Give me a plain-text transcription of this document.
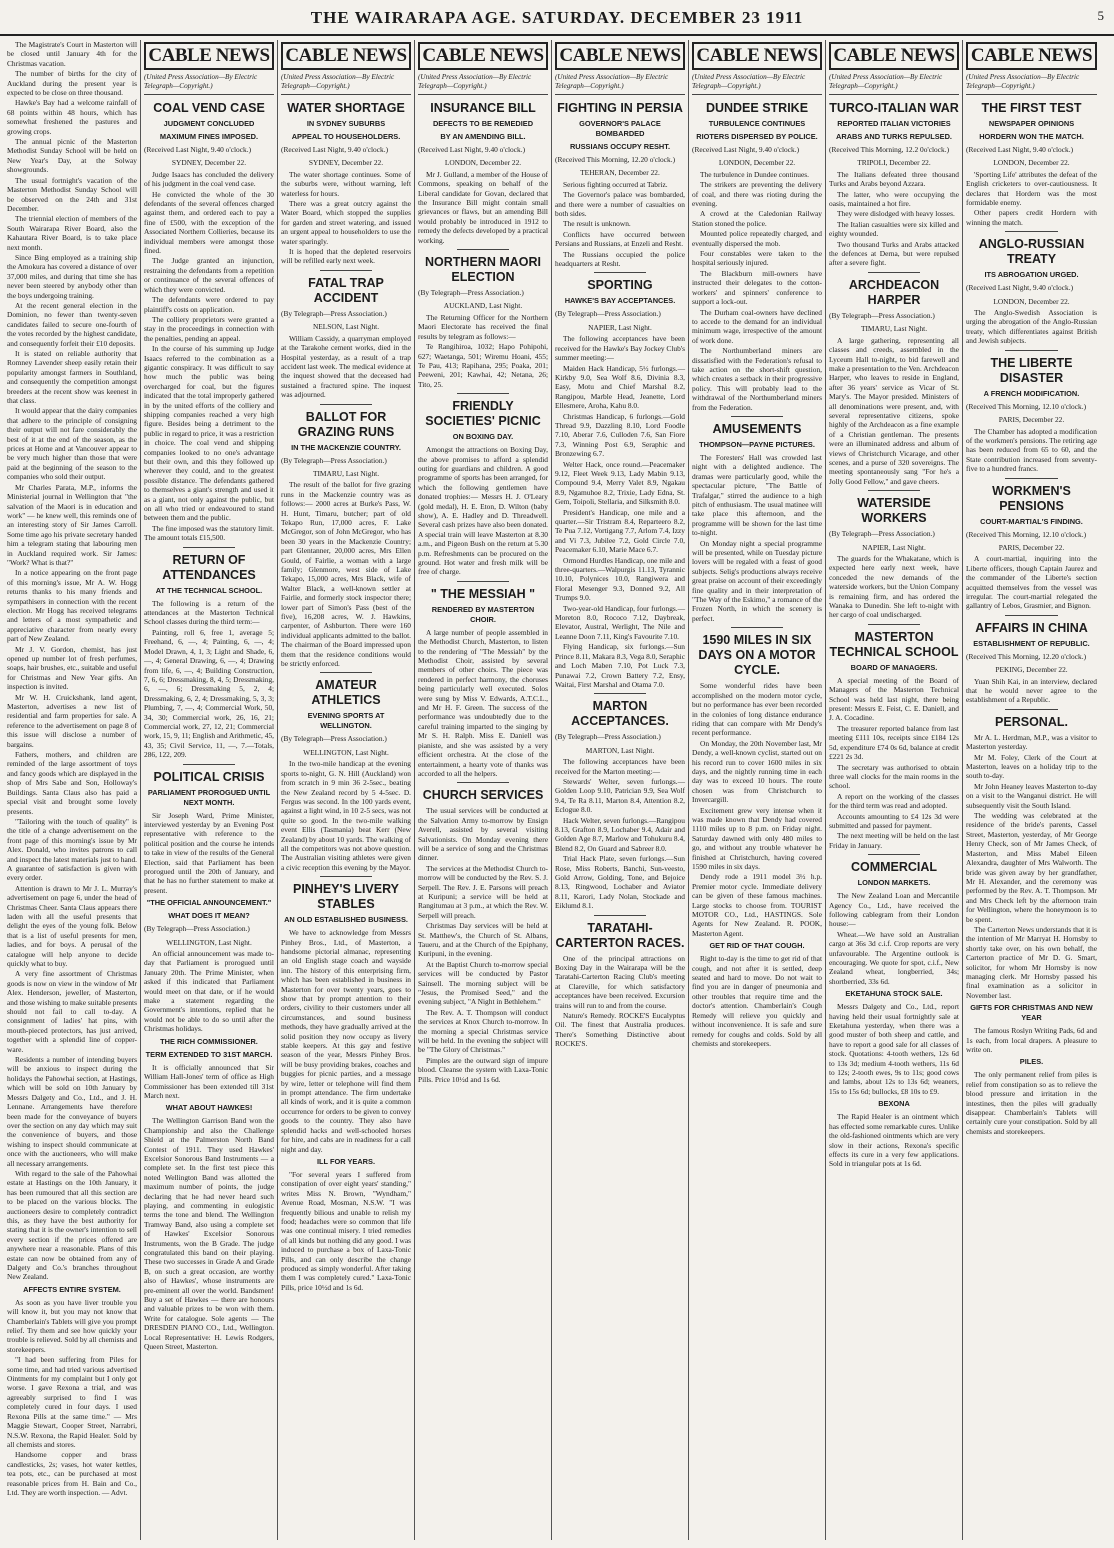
THE WAIRARAPA AGE. SATURDAY. DECEMBER 23 1911	5
The Magistrate's Court in Masterton will be closed until January 4th for the Christmas vacation.
The number of births for the city of Auckland during the present year is expected to be close on three thousand.
Hawke's Bay had a welcome rainfall of 68 points within 48 hours, which has somewhat freshened the pastures and growing crops.
The annual picnic of the Masterton Methodist Sunday School will be held on New Year's Day, at the Solway showgrounds.
The usual fortnight's vacation of the Masterton Methodist Sunday School will be observed on the 24th and 31st December.
The triennial election of members of the South Wairarapa River Board, also the Kahautara River Board, is to take place next month.
Since Bing employed as a training ship the Amokura has covered a distance of over 37,000 miles, and during that time she has never been steered by anybody other than the boys undergoing training.
At the recent general election in the Dominion, no fewer than twenty-seven candidates failed to secure one-fourth of the votes recorded by the highest candidate, and consequently forfeit their £10 deposits.
It is stated on reliable authority that Romney Lavender sheep easily retain their popularity amongst farmers in Southland, and consequently the competition amongst breeders at the recent show was keenest in that class.
It would appear that the dairy companies that adhere to the principle of consigning their output will not fare considerably the best of it at the end of the season, as the prices at Home and at Vancouver appear to be very much higher than those that were paid at the beginning of the season to the companies who sold their output.
Mr Charles Parata, M.P., informs the Ministerial journal in Wellington that "the salvation of the Maori is in education and work" — he knew well, this reminds one of an interesting story of Sir James Carroll. Some time ago his private secretary handed him a telegram stating that labouring men in Auckland required work. Sir James: "Work? What is that?"
In a notice appearing on the front page of this morning's issue, Mr A. W. Hogg returns thanks to his many friends and sympathisers in connection with the recent election. Mr Hogg has received telegrams and letters of a most sympathetic and appreciative character from nearly every part of New Zealand.
Mr J. V. Gordon, chemist, has just opened up number lot of fresh perfumes, soaps, hair brushes, etc., suitable and useful for Christmas and New Year gifts. An inspection is invited.
Mr W. H. Cruickshank, land agent, Masterton, advertises a new list of residential and farm properties for sale. A reference to the advertisement on page 8 of this issue will disclose a number of bargains.
Fathers, mothers, and children are reminded of the large assortment of toys and fancy goods which are displayed in the shop of Mrs Sabe and Son, Holloway's Buildings. Santa Claus also has paid a special visit and brought some lovely presents.
"Tailoring with the touch of quality" is the title of a change advertisement on the front page of this morning's issue by Mr Alex. Donald, who invites patrons to call and inspect the latest materials just to hand. A guarantee of satisfaction is given with every order.
Attention is drawn to Mr J. L. Murray's advertisement on page 6, under the head of Christmas Cheer. Santa Claus appears there laden with all the useful presents that delight the eyes of the young folk. Below that is a list of useful presents for men, ladies, and for boys. A perusal of the catalogue will help anyone to decide quickly what to buy.
A very fine assortment of Christmas goods is now on view in the window of Mr Alex. Henderson, jeweller, of Masterton, and those wishing to make suitable presents should not fail to call to-day. A consignment of ladies' hat pins, with mouth-pieced protectors, has just arrived, together with a splendid line of copper-ware.
Residents a number of intending buyers will be anxious to inspect during the holidays the Pahowhai section, at Hastings, which will be sold on 10th January by Messrs Dalgety and Co., Ltd., and J. H. Lennane. Arrangements have therefore been made for the conveyance of buyers over the section on any day which may suit the convenience of buyers, and those wishing to inspect should communicate at once with the auctioneers, who will make all necessary arrangements.
With regard to the sale of the Pahowhai estate at Hastings on the 10th January, it has been rumoured that all this section are to be placed on the various blocks. The auctioneers desire to completely contradict this, as they have the best authority for stating that it is the owner's intention to sell every section if the prices offered are anywhere near a reasonable. Plans of this estate can now be obtained from any of Dalgety and Co.'s branches throughout New Zealand.
AFFECTS ENTIRE SYSTEM.
As soon as you have liver trouble you will know it, but you may not know that Chamberlain's Tablets will give you prompt relief. Try them and see how quickly your trouble is relieved. Sold by all chemists and storekeepers.
"I had been suffering from Piles for some time, and had tried various advertised Ointments for my complaint but I only got worse. I gave Rexona a trial, and was agreeably surprised to find I was completely cured in four days. I used Rexona Pills at the same time." — Mrs Maggie Stewart, Cooper Street, Narrabri, N.S.W. Rexona, the Rapid Healer. Sold by all chemists and stores.
Handsome copper and brass candlesticks, 2s; vases, hot water kettles, tea pots, etc., can be purchased at most reasonable prices from H. Bain and Co., Ltd. They are worth inspection. — Advt.
CABLE NEWS
(United Press Association—By Electric Telegraph—Copyright.)
COAL VEND CASE
JUDGMENT CONCLUDED
MAXIMUM FINES IMPOSED.
(Received Last Night, 9.40 o'clock.)
SYDNEY, December 22.
Judge Isaacs has concluded the delivery of his judgment in the coal vend case.
He convicted the whole of the 30 defendants of the several offences charged against them, and ordered each to pay a fine of £500, with the exception of the Associated Northern Collieries, because its individual members were amongst those fined.
The Judge granted an injunction, restraining the defendants from a repetition or continuance of the several offences of which they were convicted.
The defendants were ordered to pay plaintiff's costs on application.
The colliery proprietors were granted a stay in the proceedings in connection with the penalties, pending an appeal.
In the course of his summing up Judge Isaacs referred to the combination as a gigantic conspiracy. It was difficult to say how much the public was being overcharged for coal, but the figures indicated that the total improperly gathered in by the united efforts of the colliery and shipping companies reached a very high figure. Besides being a detriment to the public in regard to price, it was a restriction in choice. The coal vend and shipping companies looked to no one's advantage but their own, and this they followed up wherever they could, and to the greatest possible distance. The defendants gathered to themselves a giant's strength and used it as a giant, not only against the public, but on all who tried or endeavoured to stand between them and the public.
The fine imposed was the statutory limit. The amount totals £15,500.
RETURN OF ATTENDANCES
AT THE TECHNICAL SCHOOL.
The following is a return of the attendances at the Masterton Technical School classes during the third term:—
Painting, roll 6, free 1, average 5; Freehand, 6, —, 4; Painting, 6, —, 4; Model Drawn, 4, 1, 3; Light and Shade, 6, —, 4; General Drawing, 6, —, 4; Drawing from life, 6, —, 4; Building Construction, 7, 6, 6; Dressmaking, 8, 4, 5; Dressmaking, 6, —, 6; Dressmaking 5, 2, 4; Dressmaking, 6, 2, 4; Dressmaking, 5, 3, 3; Plumbing, 7, —, 4; Commercial Work, 50, 34, 30; Commercial work, 26, 16, 21; Commercial work, 27, 12, 21; Commercial work, 15, 9, 11; English and Arithmetic, 45, 43, 35; Civil Service, 11, —, 7.—Totals, 286, 122, 209.
POLITICAL CRISIS
PARLIAMENT PROROGUED UNTIL NEXT MONTH.
Sir Joseph Ward, Prime Minister, interviewed yesterday by an Evening Post representative with reference to the political position and the course he intends to take in view of the results of the General Election, said that Parliament has been prorogued until the 20th of January, and that he has no further statement to make at present.
"THE OFFICIAL ANNOUNCEMENT."
WHAT DOES IT MEAN?
(By Telegraph—Press Association.)
WELLINGTON, Last Night.
An official announcement was made to-day that Parliament is prorogued until January 20th. The Prime Minister, when asked if this indicated that Parliament would meet on that date, or if he would make a statement regarding the Government's intentions, replied that he would not be able to do so until after the Christmas holidays.
THE RICH COMMISSIONER.
TERM EXTENDED TO 31ST MARCH.
It is officially announced that Sir William Hall-Jones' term of office as High Commissioner has been extended till 31st March next.
WHAT ABOUT HAWKES!
The Wellington Garrison Band won the Championship and also the Challenge Shield at the Palmerston North Band Contest of 1911. They used Hawkes' Excelsior Sonorous Band Instruments — a complete set. In the first test piece this noted Wellington Band was allotted the maximum number of points, the judge declaring that he had never heard such playing, and commenting in eulogistic terms the tone and blend. The Wellington Tramway Band, also using a complete set of Hawkes' Excelsior Sonorous Instruments, won the B Grade. The judge congratulated this band on their playing. These two successes in Grade A and Grade B, on such a great occasion, are worthy also of Hawkes', whose instruments are pre-eminent all over the world. Bandsmen! Buy a set of Hawkes — there are honours and valuable prizes to be won with them. Write for catalogue. Sole agents — The DRESDEN PIANO CO., Ltd., Wellington. Local Representative: H. Lewis Rodgers, Queen Street, Masterton.
CABLE NEWS
(United Press Association—By Electric Telegraph—Copyright.)
WATER SHORTAGE
IN SYDNEY SUBURBS
APPEAL TO HOUSEHOLDERS.
(Received Last Night, 9.40 o'clock.)
SYDNEY, December 22.
The water shortage continues. Some of the suburbs were, without warning, left waterless for hours.
There was a great outcry against the Water Board, which stopped the supplies for garden and street watering, and issued an urgent appeal to householders to use the water sparingly.
It is hoped that the depleted reservoirs will be refilled early next week.
FATAL TRAP ACCIDENT
(By Telegraph—Press Association.)
NELSON, Last Night.
William Cassidy, a quarryman employed at the Tarakohe cement works, died in the Hospital yesterday, as a result of a trap accident last week. The medical evidence at the inquest showed that the deceased had sustained a fractured spine. The inquest was adjourned.
BALLOT FOR GRAZING RUNS
IN THE MACKENZIE COUNTRY.
(By Telegraph—Press Association.)
TIMARU, Last Night.
The result of the ballot for five grazing runs in the Mackenzie country was as follows:— 2000 acres at Burke's Pass, W. H. Hunt, Timaru, butcher; part of old Tekapo Run, 17,000 acres, F. Lake McGregor, son of John McGregor, who has been 30 years in the Mackenzie Country; part Glentanner, 20,000 acres, Mrs Ellen Gould, of Fairlie, a woman with a large family; Glenmore, west side of Lake Tekapo, 15,000 acres, Mrs Black, wife of Walter Black, a well-known settler at Fairlie, and formerly stock inspector there; lower part of Simon's Pass (best of the five), 16,208 acres, W. J. Hawkins, carpenter, of Ashburton. There were 160 individual applicants admitted to the ballot. The chairman of the Board impressed upon them that the residence conditions would be strictly enforced.
AMATEUR ATHLETICS
EVENING SPORTS AT WELLINGTON.
(By Telegraph—Press Association.)
WELLINGTON, Last Night.
In the two-mile handicap at the evening sports to-night, G. N. Hill (Auckland) won from scratch in 9 min 36 2-5sec., beating the New Zealand record by 5 4-5sec. D. Fergus was second. In the 100 yards event, against a light wind, in 10 2-5 secs, was not quite so good. In the two-mile walking event Ellis (Tasmania) beat Kerr (New Zealand) by about 10 yards. The walking of all the competitors was not above question. The Australian visiting athletes were given a civic reception this evening by the Mayor.
PINHEY'S LIVERY STABLES
AN OLD ESTABLISHED BUSINESS.
We have to acknowledge from Messrs Pinhey Bros., Ltd., of Masterton, a handsome pictorial almanac, representing an old English stage coach and wayside inn. The history of this enterprising firm, which has been established in business in Masterton for over twenty years, goes to show that by prompt attention to their orders, civility to their customers under all circumstances, and sound business methods, they have gradually arrived at the solid position they now occupy as livery stable keepers. At this gay and festive season of the year, Messrs Pinhey Bros. will be busy providing brakes, coaches and buggies for picnic parties, and a message by wire, letter or telephone will find them in prompt attendance. The firm undertake all kinds of work, and it is quite a common occurrence for orders to be given to convey goods to the country. They also have splendid hacks and well-schooled horses for hire, and cabs are in readiness for a call night and day.
ILL FOR YEARS.
"For several years I suffered from constipation of over eight years' standing," writes Miss N. Brown, "Wyndham," Avenue Road, Mosman, N.S.W. "I was frequently bilious and unable to relish my food; headaches were so common that life was one continual misery. I tried remedies of all kinds but nothing did any good. I was induced to purchase a box of Laxa-Tonic Pills, and can only describe the change produced as simply wonderful. After taking them I was completely cured." Laxa-Tonic Pills, price 10½d and 1s 6d.
CABLE NEWS
(United Press Association—By Electric Telegraph—Copyright.)
INSURANCE BILL
DEFECTS TO BE REMEDIED
BY AN AMENDING BILL.
(Received Last Night, 9.40 o'clock.)
LONDON, December 22.
Mr J. Gulland, a member of the House of Commons, speaking on behalf of the Liberal candidate for Govan, declared that the Insurance Bill might contain small grievances or flaws, but an amending Bill would probably be introduced in 1912 to remedy the defects developed by a practical working.
NORTHERN MAORI ELECTION
(By Telegraph—Press Association.)
AUCKLAND, Last Night.
The Returning Officer for the Northern Maori Electorate has received the final results by telegram as follows:—
Te Rangihiroa, 1032; Hapo Pohipohi, 627; Waetanga, 501; Wiremu Hoani, 455; Te Pau, 413; Rapihana, 295; Poaka, 201; Peeweni, 201; Kawhai, 42; Netana, 26; Tito, 25.
FRIENDLY SOCIETIES' PICNIC
ON BOXING DAY.
Amongst the attractions on Boxing Day, the above promises to afford a splendid outing for guardians and children. A good programme of sports has been arranged, for which the following gentlemen have donated trophies:— Messrs H. J. O'Leary (gold medal), H. E. Eton, D. Wilton (baby show), A. E. Hadley and D. Threadwell. Several cash prizes have also been donated. A special train will leave Masterton at 8.30 a.m., and Pigeon Bush on the return at 5.30 p.m. Refreshments can be procured on the ground. Hot water and fresh milk will be free of charge.
" THE MESSIAH "
RENDERED BY MASTERTON CHOIR.
A large number of people assembled in the Methodist Church, Masterton, to listen to the rendering of "The Messiah" by the Methodist Choir, assisted by several members of other choirs. The piece was rendered in perfect harmony, the choruses being particularly well executed. Solos were sung by Miss V. Edwards, A.T.C.L., and Mr H. F. Green. The success of the performance was undoubtedly due to the careful training imparted to the singing by Mr S. H. Ralph. Miss E. Daniell was pianiste, and she was assisted by a very efficient orchestra. At the close of the entertainment, a hearty vote of thanks was accorded to all the helpers.
CHURCH SERVICES
The usual services will be conducted at the Salvation Army to-morrow by Ensign Averell, assisted by several visiting Salvationists. On Monday evening there will be a service of song and the Christmas dinner.
The services at the Methodist Church to-morrow will be conducted by the Rev. S. J. Serpell. The Rev. J. E. Parsons will preach at Kuripuni; a service will be held at Rangitumau at 3 p.m., at which the Rev. W. Serpell will preach.
Christmas Day services will be held at St. Matthew's, the Church of St. Albans, Taueru, and at the Church of the Epiphany, Kuripuni, in the evening.
At the Baptist Church to-morrow special services will be conducted by Pastor Sainsell. The morning subject will be "Jesus, the Promised Seed," and the evening subject, "A Night in Bethlehem."
The Rev. A. T. Thompson will conduct the services at Knox Church to-morrow. In the morning a special Christmas service will be held. In the evening the subject will be "The Glory of Christmas."
Pimples are the outward sign of impure blood. Cleanse the system with Laxa-Tonic Pills. Price 10½d and 1s 6d.
CABLE NEWS
(United Press Association—By Electric Telegraph—Copyright.)
FIGHTING IN PERSIA
GOVERNOR'S PALACE BOMBARDED
RUSSIANS OCCUPY RESHT.
(Received This Morning, 12.20 o'clock.)
TEHERAN, December 22.
Serious fighting occurred at Tabriz.
The Governor's palace was bombarded, and there were a number of casualties on both sides.
The result is unknown.
Conflicts have occurred between Persians and Russians, at Enzeli and Resht.
The Russians occupied the police headquarters at Resht.
SPORTING
HAWKE'S BAY ACCEPTANCES.
(By Telegraph—Press Association.)
NAPIER, Last Night.
The following acceptances have been received for the Hawke's Bay Jockey Club's summer meeting:—
Maiden Hack Handicap, 5½ furlongs.—Kirkby 9.0, Sea Wolf 8.6, Divinia 8.3, Easy, Motu and Chief Marshal 8.2, Rangipou, Marble Head, Jeanette, Lord Ellesmere, Aroha, Kahu 8.0.
Christmas Handicap, 6 furlongs.—Gold Thread 9.9, Dazzling 8.10, Lord Foodle 7.10, Aberar 7.6, Culloden 7.6, San Fiore 7.3, Winning Post 6.9, Seraphic and Bronzewing 6.7.
Welter Hack, once round.—Peacemaker 9.12, Fleet Week 9.13, Lady Mabin 9.13, Compound 9.4, Merry Valet 8.9, Ngakau 8.9, Ngamuhoe 8.2, Trixie, Lady Edna, St. Gem, Toipoli, Stellaria, and Silksmith 8.0.
President's Handicap, one mile and a quarter.—Sir Tristram 8.4, Reparteero 8.2, Te Pua 7.12, Vortigang 7.7, Arlom 7.4, Izzy and Vi 7.3, Jubilee 7.2, Gold Circle 7.0, Peacemaker 6.10, Marie Mace 6.7.
Ormond Hurdles Handicap, one mile and three-quarters.—Walpurgis 11.13, Tyrannic 10.10, Polynices 10.0, Rangiwera and Floral Mesenger 9.3, Donned 9.2, All Trumps 9.0.
Two-year-old Handicap, four furlongs.—Moreton 8.0, Rococo 7.12, Daybreak, Elevator, Austral, Werlight, The Nile and Leanne Doon 7.11, King's Favourite 7.10.
Flying Handicap, six furlongs.—Sun Prince 8.11, Makara 8.3, Vega 8.0, Seraphic and Loch Maben 7.10, Pot Luck 7.3, Punawai 7.2, Crown Battery 7.2, Ensy, Waitai, First Marshal and Otama 7.0.
MARTON ACCEPTANCES.
(By Telegraph—Press Association.)
MARTON, Last Night.
The following acceptances have been received for the Marton meeting:—
Stewards' Welter, seven furlongs.—Golden Loop 9.10, Patrician 9.9, Sea Wolf 9.4, Te Ra 8.11, Marton 8.4, Attention 8.2, Eclogue 8.0.
Hack Welter, seven furlongs.—Rangipou 8.13, Grafton 8.9, Lochaber 9.4, Adair and Golden Age 8.7, Marlow and Tohukuru 8.4, Blend 8.2, On Guard and Sabreer 8.0.
Trial Hack Plate, seven furlongs.—Sun Rose, Miss Roberts, Banchi, Sun-veesto, Gold Arrow, Golding, Tone, and Bejoice 8.13, Ringwood, Lochaber and Aviator 8.11, Karori, Lady Nolan, Stockade and Eiklumd 8.1.
TARATAHI-CARTERTON RACES.
One of the principal attractions on Boxing Day in the Wairarapa will be the Taratahi-Carterton Racing Club's meeting at Clareville, for which satisfactory acceptances have been received. Excursion trains will run to and from the course.
Nature's Remedy. ROCKE'S Eucalyptus Oil. The finest that Australia produces. There's Something Distinctive about ROCKE'S.
CABLE NEWS
(United Press Association—By Electric Telegraph—Copyright.)
DUNDEE STRIKE
TURBULENCE CONTINUES
RIOTERS DISPERSED BY POLICE.
(Received Last Night, 9.40 o'clock.)
LONDON, December 22.
The turbulence in Dundee continues.
The strikers are preventing the delivery of coal, and there was rioting during the evening.
A crowd at the Caledonian Railway Station stoned the police.
Mounted police repeatedly charged, and eventually dispersed the mob.
Four constables were taken to the hospital seriously injured.
The Blackburn mill-owners have instructed their delegates to the cotton-workers' and spinners' conference to support a lock-out.
The Durham coal-owners have declined to accede to the demand for an individual minimum wage, irrespective of the amount of work done.
The Northumberland miners are dissatisfied with the Federation's refusal to take action on the short-shift question, which creates a setback in their progressive policy. This will probably lead to the withdrawal of the Northumberland miners from the Federation.
AMUSEMENTS
THOMPSON—PAYNE PICTURES.
The Foresters' Hall was crowded last night with a delighted audience. The dramas were particularly good, while the spectacular picture, "The Battle of Trafalgar," stirred the audience to a high pitch of enthusiasm. The usual matinee will take place this afternoon, and the programme will be shown for the last time to-night.
On Monday night a special programme will be presented, while on Tuesday picture lovers will be regaled with a feast of good subjects. Selig's productions always receive great praise on account of their exceedingly fine quality and in their interpretation of "The Way of the Eskimo," a romance of the Frozen North, in which the scenery is perfect.
1590 MILES IN SIX DAYS ON A MOTOR CYCLE.
Some wonderful rides have been accomplished on the modern motor cycle, but no performance has ever been recorded in the colonies of long distance endurance riding that can compare with Mr Dendy's recent performance.
On Monday, the 20th November last, Mr Dendy, a well-known cyclist, started out on his record run to cover 1600 miles in six days, and the nightly running time in each day was to exceed 10 hours. The route chosen was from Christchurch to Invercargill.
Excitement grew very intense when it was made known that Dendy had covered 1110 miles up to 8 p.m. on Friday night. Saturday dawned with only 480 miles to go, and without any trouble whatever he finished at Christchurch, having covered 1590 miles in six days.
Dendy rode a 1911 model 3½ h.p. Premier motor cycle. Immediate delivery can be given of these famous machines. Large stocks to choose from. TOURIST MOTOR CO., Ltd., HASTINGS. Sole Agents for New Zealand. R. POOK, Masterton Agent.
GET RID OF THAT COUGH.
Right to-day is the time to get rid of that cough, and not after it is settled, deep seated and hard to move. Do not wait to find you are in danger of pneumonia and other troubles that require time and the doctor's attention. Chamberlain's Cough Remedy will relieve you quickly and without inconvenience. It is safe and sure remedy for coughs and colds. Sold by all chemists and storekeepers.
CABLE NEWS
(United Press Association—By Electric Telegraph—Copyright.)
TURCO-ITALIAN WAR
REPORTED ITALIAN VICTORIES
ARABS AND TURKS REPULSED.
(Received This Morning, 12.2 0o'clock.)
TRIPOLI, December 22.
The Italians defeated three thousand Turks and Arabs beyond Azzara.
The latter, who were occupying the oasis, maintained a hot fire.
They were dislodged with heavy losses.
The Italian casualties were six killed and eighty wounded.
Two thousand Turks and Arabs attacked the defences at Derna, but were repulsed after a severe fight.
ARCHDEACON HARPER
(By Telegraph—Press Association.)
TIMARU, Last Night.
A large gathering, representing all classes and creeds, assembled in the Lyceum Hall to-night, to bid farewell and make a presentation to the Ven. Archdeacon Harper, who leaves to reside in England, after 36 years' service as Vicar of St. Mary's. The Mayor presided. Ministers of all denominations were present, and, with several representative citizens, spoke highly of the Archdeacon as a fine example of a Christian gentleman. The presents were an illuminated address and album of views of Christchurch Vicarage, and other scenes, and a purse of 320 sovereigns. The meeting spontaneously sang "For he's a Jolly Good Fellow," and gave cheers.
WATERSIDE WORKERS
(By Telegraph—Press Association.)
NAPIER, Last Night.
The guards for the Whakatane, which is expected here early next week, have conceded the new demands of the waterside workers, but the Union Company is remaining firm, and has ordered the Wanaka to Dunedin. She left to-night with her cargo of coal undischarged.
MASTERTON TECHNICAL SCHOOL
BOARD OF MANAGERS.
A special meeting of the Board of Managers of the Masterton Technical School was held last night, there being present: Messrs E. Feist, C. E. Daniell, and J. A. Cocadine.
The treasurer reported balance from last meeting £111 10s, receipts since £184 12s 5d, expenditure £74 0s 6d, balance at credit £221 2s 3d.
The secretary was authorised to obtain three wall clocks for the main rooms in the school.
A report on the working of the classes for the third term was read and adopted.
Accounts amounting to £4 12s 3d were submitted and passed for payment.
The next meeting will be held on the last Friday in January.
COMMERCIAL
LONDON MARKETS.
The New Zealand Loan and Mercantile Agency Co., Ltd., have received the following cablegram from their London house:—
Wheat.—We have sold an Australian cargo at 36s 3d c.i.f. Crop reports are very unfavourable. The Argentine outlook is encouraging. We quote for spot, c.i.f., New Zealand wheat, longberried, 34s; shortberried, 33s 6d.
EKETAHUNA STOCK SALE.
Messrs Dalgety and Co., Ltd., report having held their usual fortnightly sale at Eketahuna yesterday, when there was a good muster of both sheep and cattle, and have to report a good sale for all classes of stock. Quotations: 4-tooth wethers, 12s 6d to 13s 3d; medium 4-tooth wethers, 11s 6d to 12s; 2-tooth ewes, 9s to 11s; good cows and lambs, about 12s to 13s 6d; weaners, 15s to 15s 6d; bullocks, £8 10s to £9.
BEXONA
The Rapid Healer is an ointment which has effected some remarkable cures. Unlike the old-fashioned ointments which are very slow in their actions, Rexona's specific effects its cure in a very few applications. Sold in triangular pots at 1s 6d.
CABLE NEWS
(United Press Association—By Electric Telegraph—Copyright.)
THE FIRST TEST
NEWSPAPER OPINIONS
HORDERN WON THE MATCH.
(Received Last Night, 9.40 o'clock.)
LONDON, December 22.
'Sporting Life' attributes the defeat of the English cricketers to over-cautiousness. It declares that Hordern was the most formidable enemy.
Other papers credit Hordern with winning the match.
ANGLO-RUSSIAN TREATY
ITS ABROGATION URGED.
(Received Last Night, 9.40 o'clock.)
LONDON, December 22.
The Anglo-Swedish Association is urging the abrogation of the Anglo-Russian treaty, which differentiates against British and Jewish subjects.
THE LIBERTE DISASTER
A FRENCH MODIFICATION.
(Received This Morning, 12.10 o'clock.)
PARIS, December 22.
The Chamber has adopted a modification of the workmen's pensions. The retiring age has been reduced from 65 to 60, and the State contribution increased from seventy-five to a hundred francs.
WORKMEN'S PENSIONS
COURT-MARTIAL'S FINDING.
(Received This Morning, 12.10 o'clock.)
PARIS, December 22.
A court-martial, inquiring into the Liberte officers, though Captain Jaurez and the commander of the Liberte's section acquitted themselves from the vessel was irregular. The court-martial relegated the gallantry of Lebos, Grasmier, and Bignon.
AFFAIRS IN CHINA
ESTABLISHMENT OF REPUBLIC.
(Received This Morning, 12.20 o'clock.)
PEKING, December 22.
Yuan Shih Kai, in an interview, declared that he would never agree to the establishment of a Republic.
PERSONAL.
Mr A. L. Herdman, M.P., was a visitor to Masterton yesterday.
Mr M. Foley, Clerk of the Court at Masterton, leaves on a holiday trip to the south to-day.
Mr John Heaney leaves Masterton to-day on a visit to the Wanganui district. He will subsequently visit the South Island.
The wedding was celebrated at the residence of the bride's parents, Cassel Street, Masterton, yesterday, of Mr George Henry Check, son of Mr James Check, of Masterton, and Miss Mabel Eileen Alexandra, daughter of Mrs Walworth. The bride was given away by her grandfather, Mr H. Alexander, and the ceremony was performed by the Rev. A. T. Thompson. Mr and Mrs Check left by the afternoon train for Wellington, where the honeymoon is to be spent.
The Carterton News understands that it is the intention of Mr Marryat H. Hornsby to shortly take over, on his own behalf, the Carterton practice of Mr D. G. Smart, solicitor, for whom Mr Hornsby is now managing clerk. Mr Hornsby passed his final examination as a solicitor in November last.
GIFTS FOR CHRISTMAS AND NEW YEAR
The famous Roslyn Writing Pads, 6d and 1s each, from local drapers. A pleasure to write on.
PILES.
The only permanent relief from piles is relief from constipation so as to relieve the blood pressure and irritation in the intestines, then the piles will gradually disappear. Chamberlain's Tablets will certainly cure your constipation. Sold by all chemists and storekeepers.
